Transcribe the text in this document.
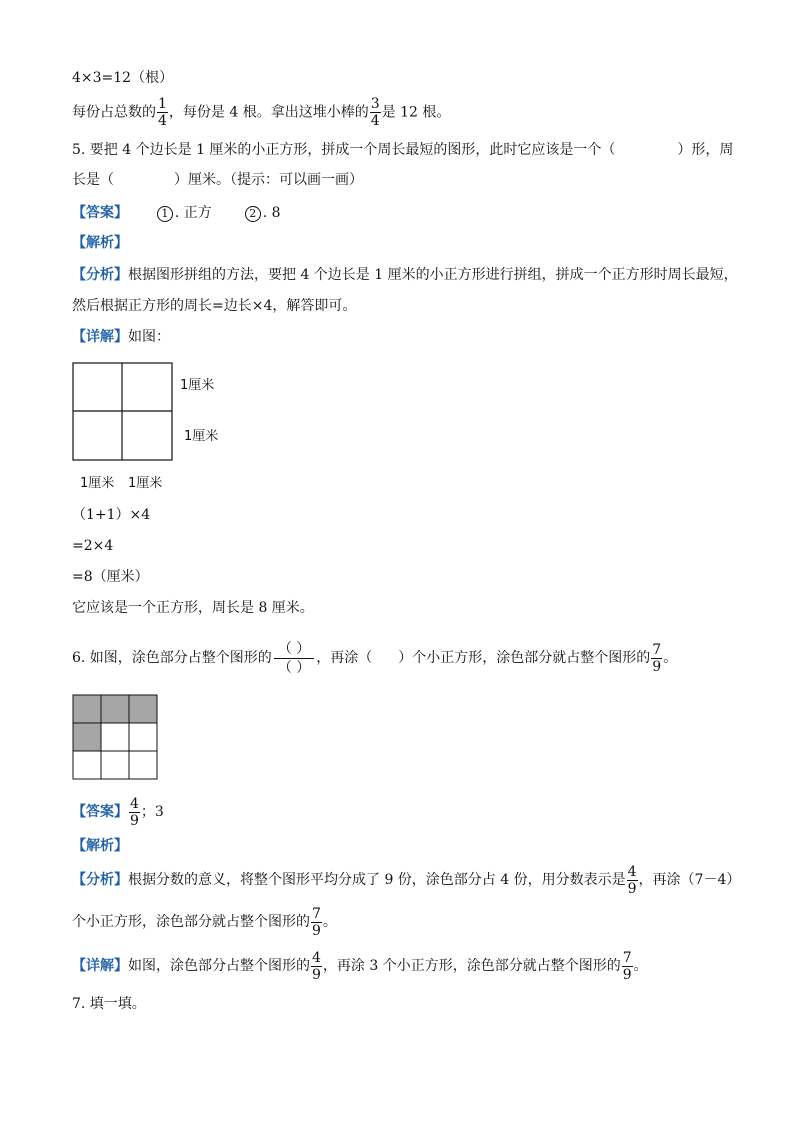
4×3=12（根）
每份占总数的 $\frac{1}{4}$ ，每份是 4 根。拿出这堆小棒的 $\frac{3}{4}$ 是 12 根。
5. 要把 4 个边长是 1 厘米的小正方形，拼成一个周长最短的图形，此时它应该是一个（	）形，周
长是（	）厘米。（提示：可以画一画）
【答案】	1 . 正方	2 . 8
【解析】
【分析】根据图形拼组的方法，要把 4 个边长是 1 厘米的小正方形进行拼组，拼成一个正方形时周长最短，
然后根据正方形的周长=边长×4，解答即可。
【详解】如图：
1厘米
1厘米
1厘米 1厘米
（1+1）×4
=2×4
=8（厘米）
它应该是一个正方形，周长是 8 厘米。
6. 如图，涂色部分占整个图形的
（ ）
（ ）
，再涂（ ）个小正方形，涂色部分就占整个图形的 $\frac{7}{9}$ 。
【答案】 $\frac{4}{9}$ ；3
【解析】
【分析】根据分数的意义，将整个图形平均分成了 9 份，涂色部分占 4 份，用分数表示是 $\frac{4}{9}$ ，再涂（7－4）
个小正方形，涂色部分就占整个图形的 $\frac{7}{9}$ 。
【详解】如图，涂色部分占整个图形的 $\frac{4}{9}$ ，再涂 3 个小正方形，涂色部分就占整个图形的 $\frac{7}{9}$ 。
7. 填一填。
